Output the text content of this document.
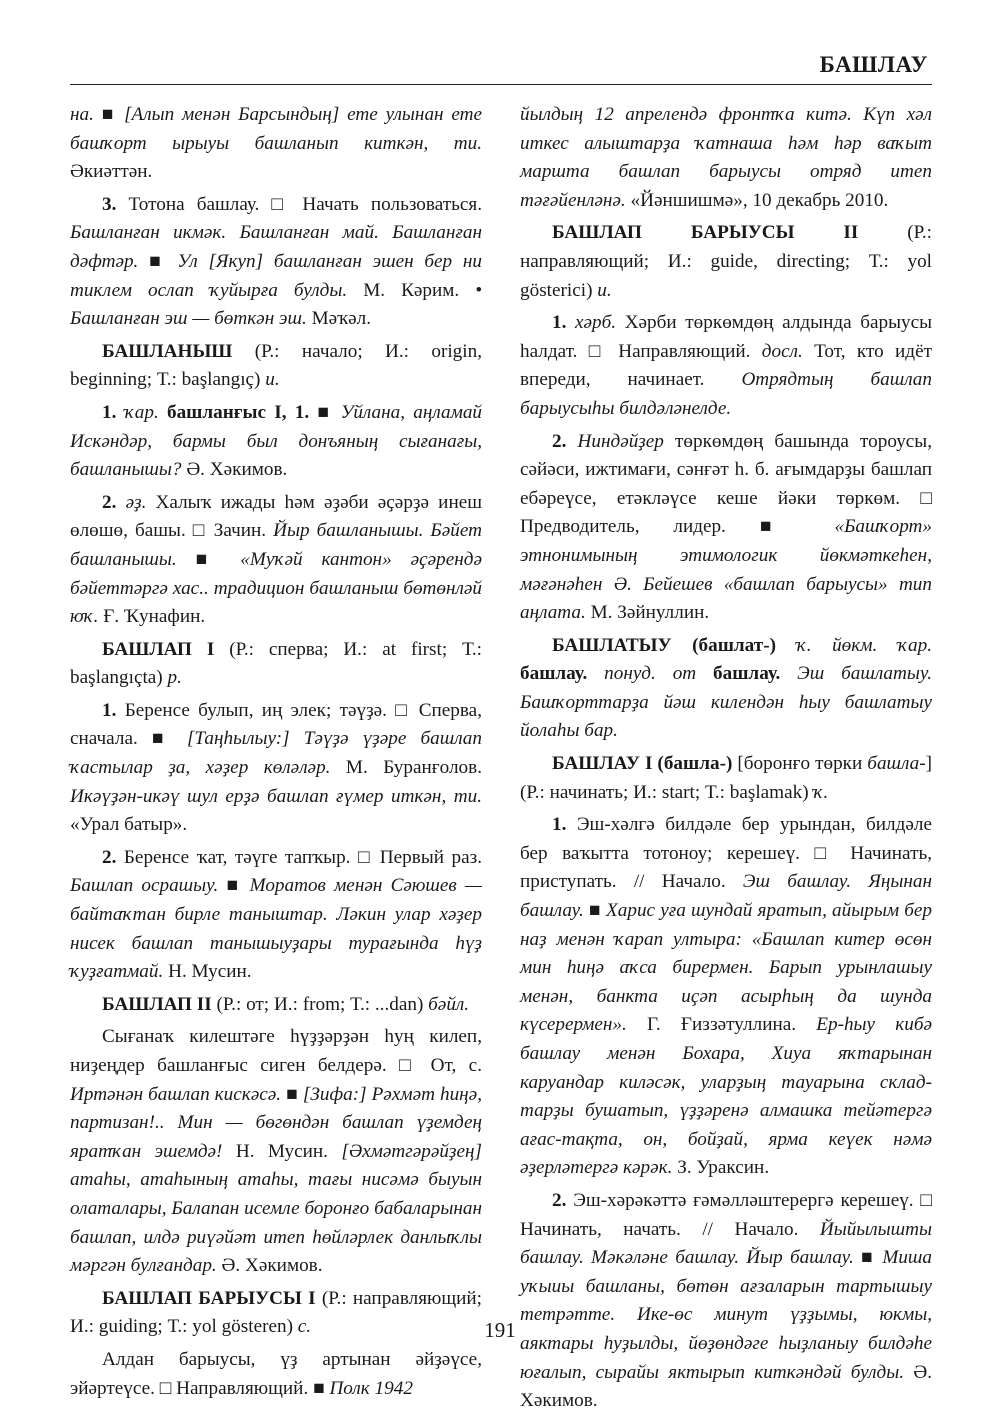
БАШЛАУ

на. ■ [Алып менән Барсындың] ете улынан ете башҡорт ырыуы башланып киткән, ти. Әкиәттән.

3. Тотона башлау. □ Начать пользоваться. Башланған икмәк. Башланған май. Башланған дәфтәр. ■ Ул [Якуп] башланған эшен бер ни тиклем ослап ҡуйырға булды. М. Кәрим. • Башланған эш — бөткән эш. Мәҡәл.

БАШЛАНЫШ (Р.: начало; И.: origin, beginning; Т.: başlangıç) и.

1. ҡар. башланғыс I, 1. ■ Уйлана, аңламай Искәндәр, бармы был донъяның сығанағы, башланышы? Ә. Хәкимов.

2. әҙ. Халыҡ ижады һәм әҙәби әҫәрҙә инеш өлөшө, башы. □ Зачин. Йыр башланышы. Бәйет башланышы. ■ «Муҡәй кантон» әҫәрендә бәйеттәргә хас.. традицион башланыш бөтөнләй юҡ. Ғ. Ҡунафин.

БАШЛАП I (Р.: сперва; И.: at first; Т.: başlangıçta) р.

1. Беренсе булып, иң элек; тәүҙә. □ Сперва, сначала. ■ [Таңһылыу:] Тәүҙә үҙәре башлап ҡастылар ҙа, хәҙер көләләр. М. Буранғолов. Икәүҙән-икәү шул ерҙә башлап ғүмер иткән, ти. «Урал батыр».

2. Беренсе ҡат, тәүге тапҡыр. □ Первый раз. Башлап осрашыу. ■ Моратов менән Сәюшев — байтаҡтан бирле таныштар. Ләкин улар хәҙер нисек башлап танышыуҙары турағында һүҙ ҡуҙғатмай. Н. Мусин.

БАШЛАП II (Р.: от; И.: from; Т.: ...dan) бәйл.

Сығанаҡ килештәге һүҙҙәрҙән һуң килеп, ниҙеңдер башланғыс сиген белдерә. □ От, с. Иртәнән башлап кискәсә. ■ [Зифа:] Рәхмәт һиңә, партизан!.. Мин — бөгөндән башлап үҙемдең яратҡан эшемдә! Н. Мусин. [Әхмәтгәрәйҙең] атаһы, атаһының атаһы, тағы нисәмә быуын олаталары, Балапан исемле боронғо бабаларынан башлап, илдә риүәйәт итеп һөйләрлек данлыҡлы мәргән булғандар. Ә. Хәкимов.

БАШЛАП БАРЫУСЫ I (Р.: направляющий; И.: guiding; Т.: yol gösteren) с.

Алдан барыусы, үҙ артынан әйҙәүсе, эйәртеүсе. □ Направляющий. ■ Полк 1942

йылдың 12 апрелендә фронтҡа китә. Күп хәл иткес алыштарҙа ҡатнаша һәм һәр ваҡыт маршта башлап барыусы отряд итеп тәғәйенләнә. «Йәншишмә», 10 декабрь 2010.

БАШЛАП БАРЫУСЫ II (Р.: направляющий; И.: guide, directing; Т.: yol gösterici) и.

1. хәрб. Хәрби төркөмдөң алдында барыусы һалдат. □ Направляющий. досл. Тот, кто идёт впереди, начинает. Отрядтың башлап барыусыһы билдәләнелде.

2. Ниндәйҙер төркөмдөң башында тороусы, сәйәси, ижтимағи, сәнғәт һ. б. ағымдарҙы башлап ебәреүсе, етәкләүсе кеше йәки төркөм. □ Предводитель, лидер. ■ «Башҡорт» этнонимының этимологик йөкмәткеһен, мәғәнәһен Ә. Бейешев «башлап барыусы» тип аңлата. М. Зәйнуллин.

БАШЛАТЫУ (башлат-) ҡ. йөкм. ҡар. башлау. понуд. от башлау. Эш башлатыу. Башҡорттарҙа йәш килендән һыу башлатыу йолаһы бар.

БАШЛАУ I (башла-) [боронғо төрки башла-] (Р.: начинать; И.: start; Т.: başlamak) ҡ.

1. Эш-хәлгә билдәле бер урындан, билдәле бер ваҡытта тотоноу; керешеү. □ Начинать, приступать. // Начало. Эш башлау. Яңынан башлау. ■ Харис уға шундай яратып, айырым бер наҙ менән ҡарап ултыра: «Башлап китер өсөн мин һиңә аҡса бирермен. Барып урынлашыу менән, банкта иҫәп асырһың да шунда күсерермен». Г. Ғиззәтуллина. Ер-һыу кибә башлау менән Бохара, Хиуа яҡтарынан каруандар киләсәк, уларҙың тауарына складтарҙы бушатып, үҙҙәренә алмашка тейәтергә ағас-тақта, он, бойҙай, ярма кеүек нәмә әҙерләтергә кәрәк. З. Ураксин.

2. Эш-хәрәкәттә ғәмәлләштерергә керешеү. □ Начинать, начать. // Начало. Йыйылышты башлау. Мәкәләне башлау. Йыр башлау. ■ Миша уҡыиы башланы, бөтөн ағзаларын тартышыу тетрәтте. Ике-өс минут үҙҙымы, юкмы, аяктары һуҙылды, йөҙөндәге һыҙланыу билдәһе юғалып, сырайы яктырып киткәндәй булды. Ә. Хәкимов.

191
